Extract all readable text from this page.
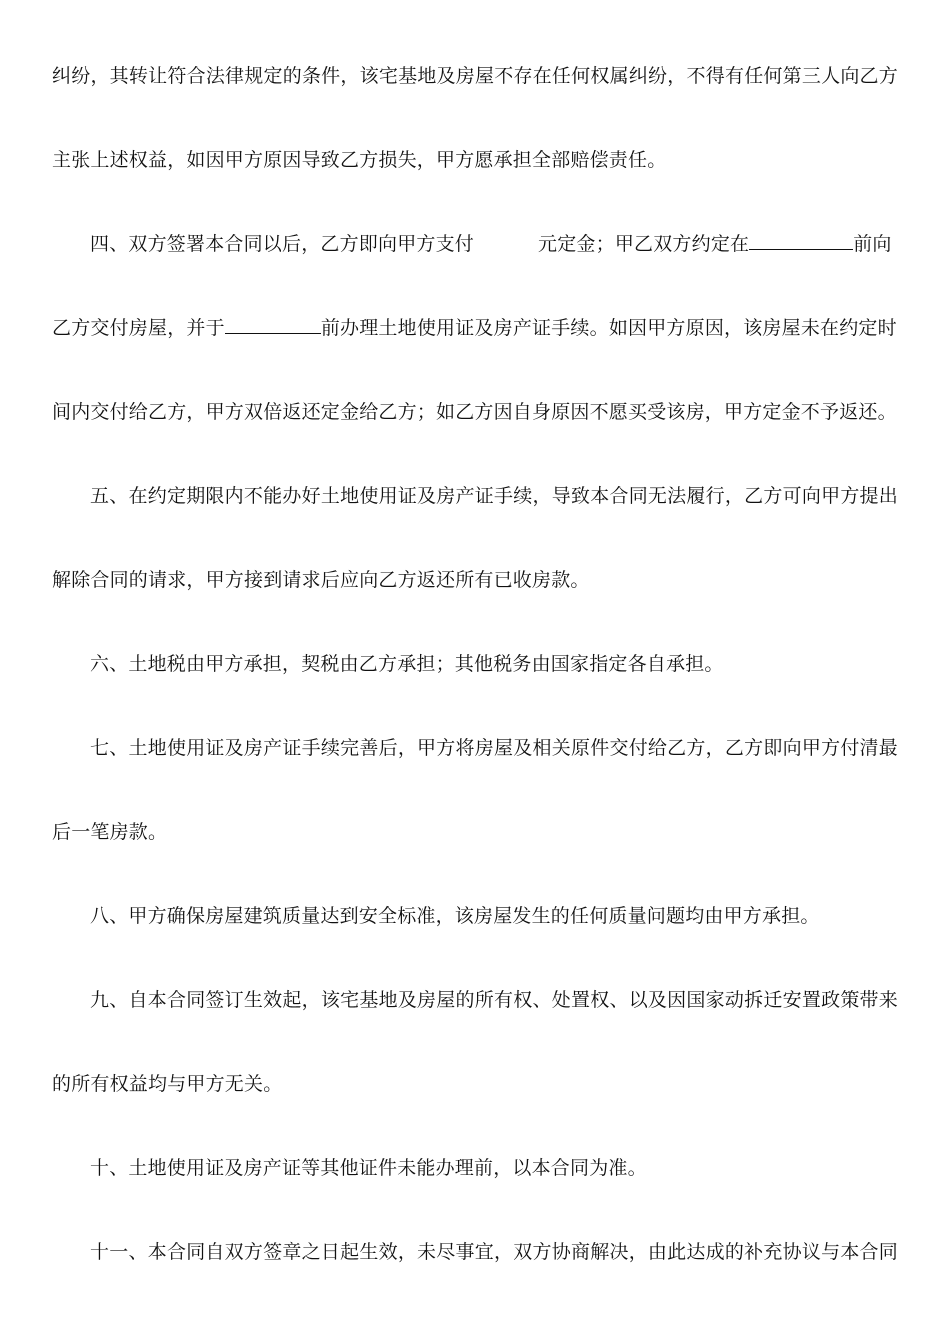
纠纷，其转让符合法律规定的条件，该宅基地及房屋不存在任何权属纠纷，不得有任何第三人向乙方
主张上述权益，如因甲方原因导致乙方损失，甲方愿承担全部赔偿责任。
四、双方签署本合同以后，乙方即向甲方支付	元定金；甲乙双方约定在	前向
乙方交付房屋，并于	前办理土地使用证及房产证手续。如因甲方原因，该房屋未在约定时
间内交付给乙方，甲方双倍返还定金给乙方；如乙方因自身原因不愿买受该房，甲方定金不予返还。
五、在约定期限内不能办好土地使用证及房产证手续，导致本合同无法履行，乙方可向甲方提出
解除合同的请求，甲方接到请求后应向乙方返还所有已收房款。
六、土地税由甲方承担，契税由乙方承担；其他税务由国家指定各自承担。
七、土地使用证及房产证手续完善后，甲方将房屋及相关原件交付给乙方，乙方即向甲方付清最
后一笔房款。
八、甲方确保房屋建筑质量达到安全标准，该房屋发生的任何质量问题均由甲方承担。
九、自本合同签订生效起，该宅基地及房屋的所有权、处置权、以及因国家动拆迁安置政策带来
的所有权益均与甲方无关。
十、土地使用证及房产证等其他证件未能办理前，以本合同为准。
十一、本合同自双方签章之日起生效，未尽事宜，双方协商解决，由此达成的补充协议与本合同
